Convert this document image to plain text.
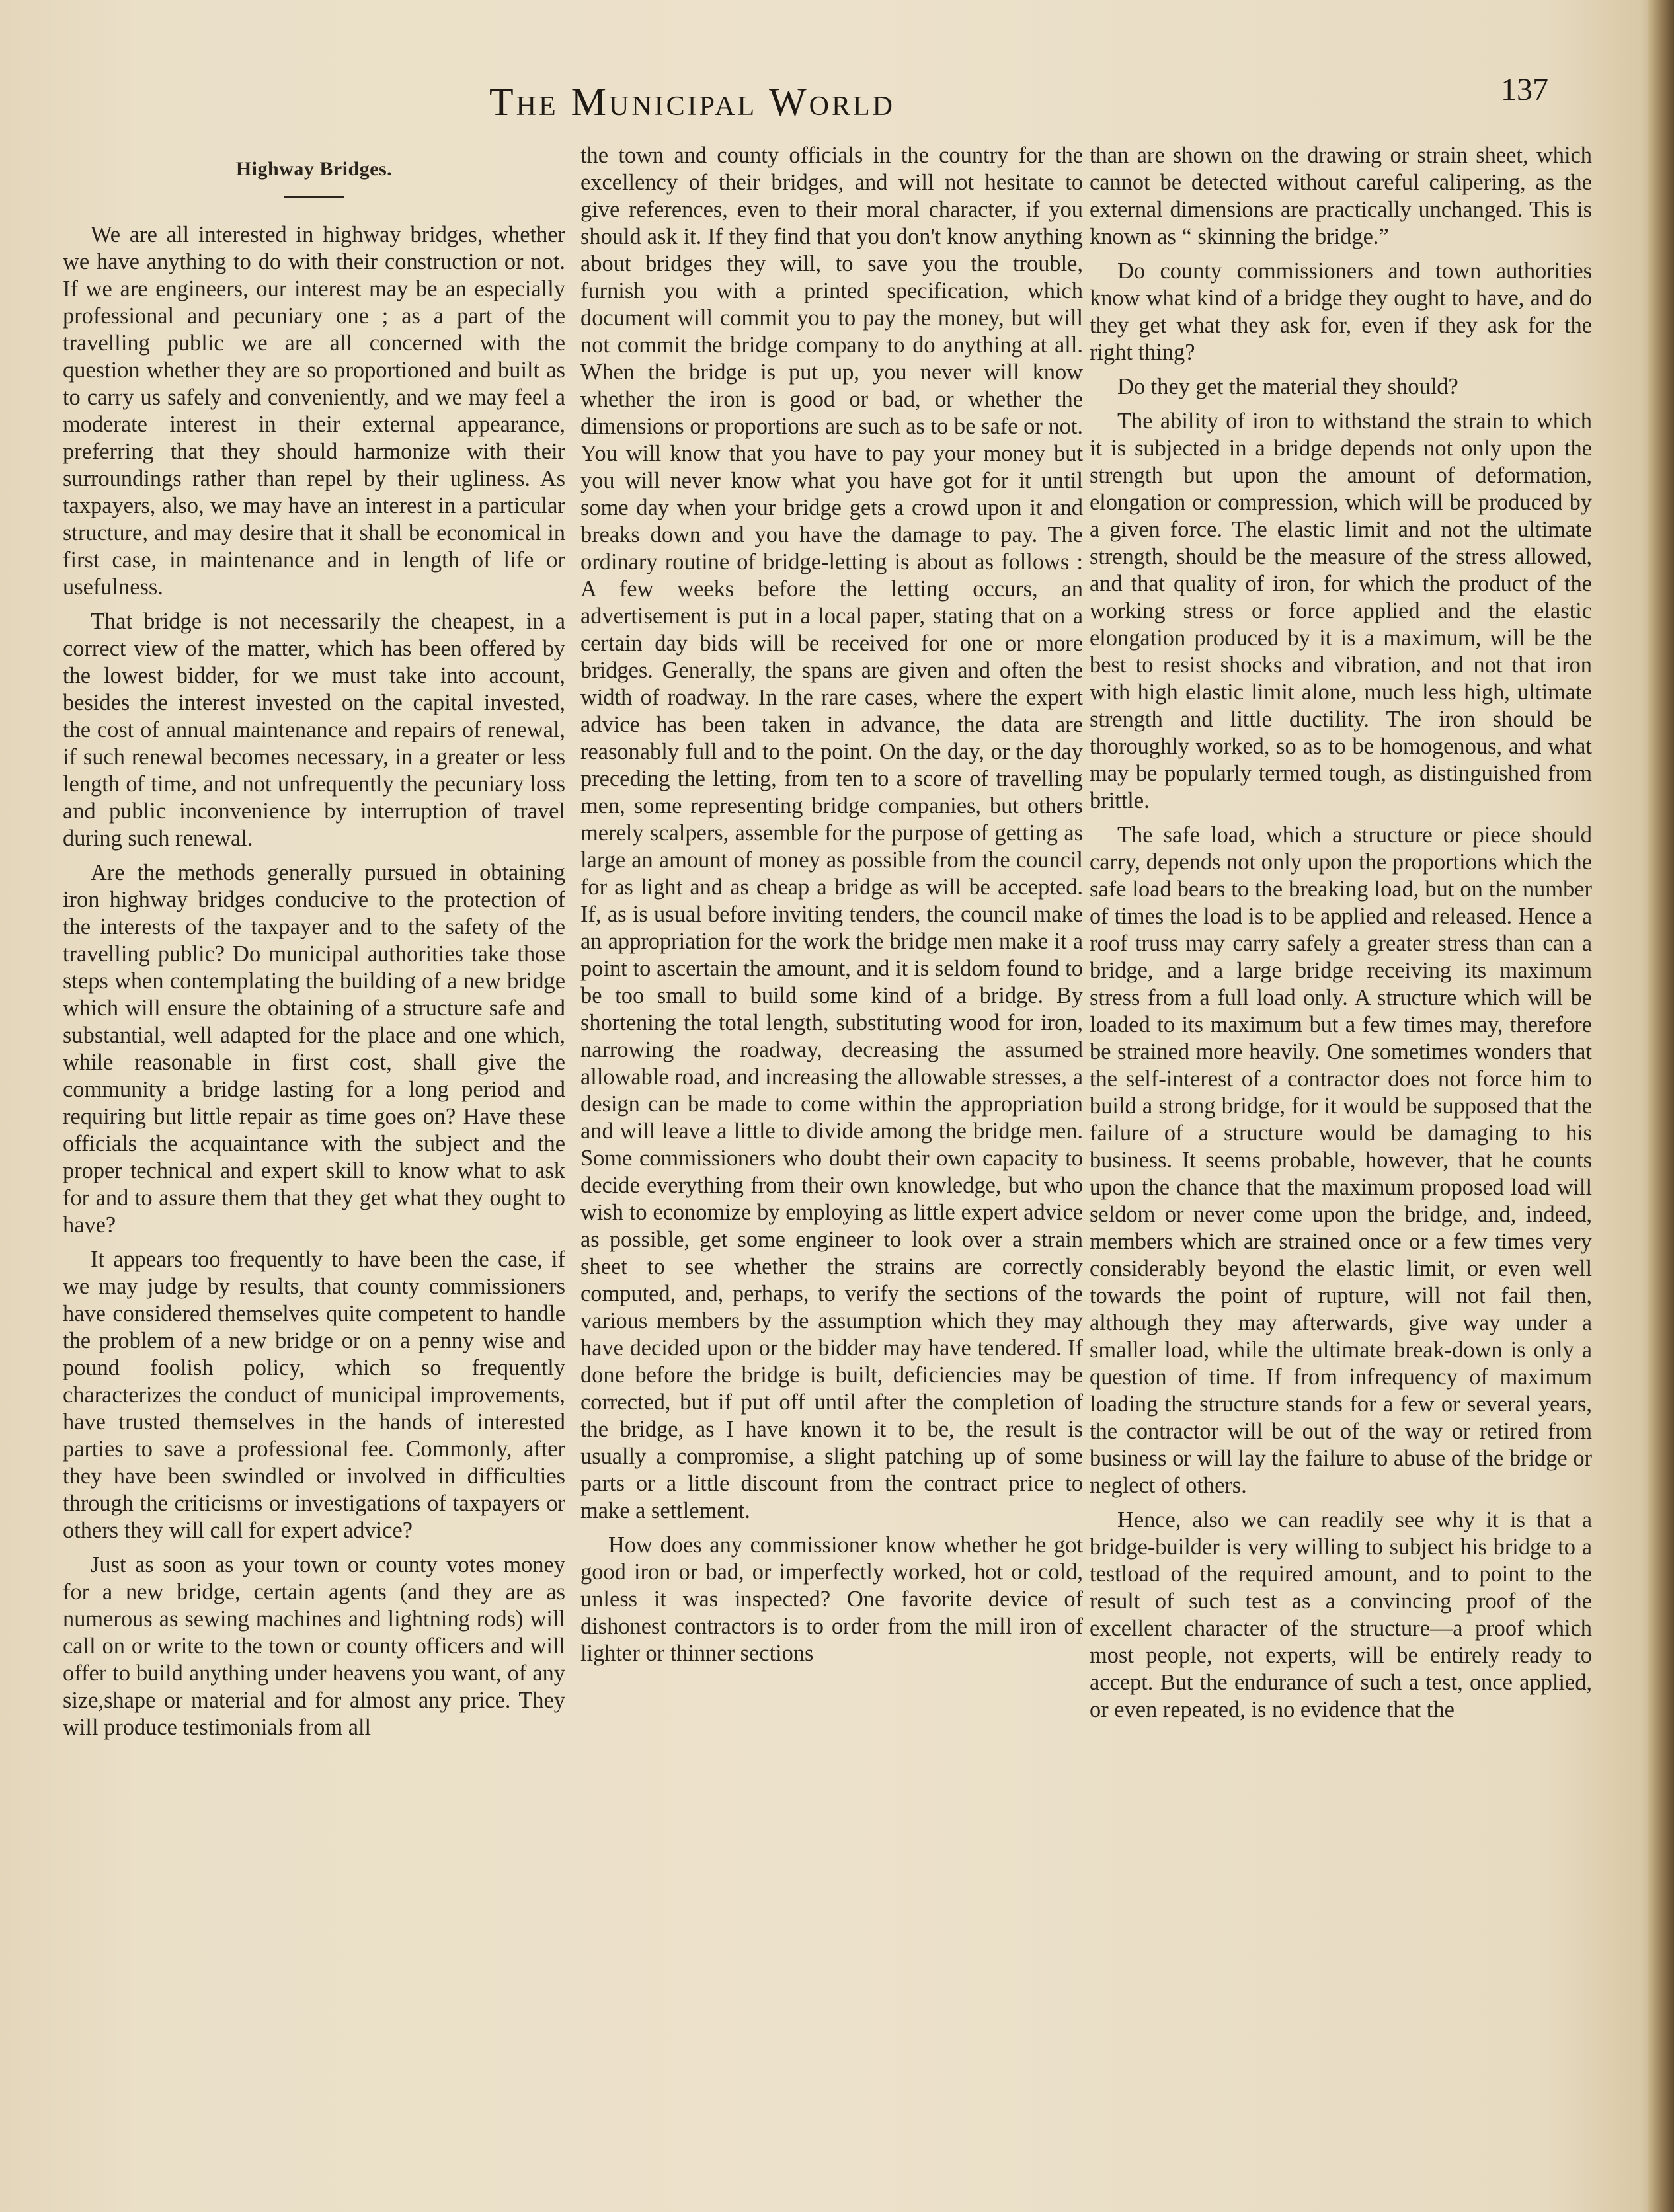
The Municipal World	137
Highway Bridges.

We are all interested in highway bridges, whether we have anything to do with their construction or not. If we are engineers, our interest may be an especially professional and pecuniary one ; as a part of the travelling public we are all concerned with the question whether they are so proportioned and built as to carry us safely and conveniently, and we may feel a moderate interest in their external appearance, preferring that they should harmonize with their surroundings rather than repel by their ugliness. As taxpayers, also, we may have an interest in a particular structure, and may desire that it shall be economical in first case, in maintenance and in length of life or usefulness.

That bridge is not necessarily the cheapest, in a correct view of the matter, which has been offered by the lowest bidder, for we must take into account, besides the interest invested on the capital invested, the cost of annual maintenance and repairs of renewal, if such renewal becomes necessary, in a greater or less length of time, and not unfrequently the pecuniary loss and public inconvenience by interruption of travel during such renewal.

Are the methods generally pursued in obtaining iron highway bridges conducive to the protection of the interests of the taxpayer and to the safety of the travelling public? Do municipal authorities take those steps when contemplating the building of a new bridge which will ensure the obtaining of a structure safe and substantial, well adapted for the place and one which, while reasonable in first cost, shall give the community a bridge lasting for a long period and requiring but little repair as time goes on? Have these officials the acquaintance with the subject and the proper technical and expert skill to know what to ask for and to assure them that they get what they ought to have?

It appears too frequently to have been the case, if we may judge by results, that county commissioners have considered themselves quite competent to handle the problem of a new bridge or on a penny wise and pound foolish policy, which so frequently characterizes the conduct of municipal improvements, have trusted themselves in the hands of interested parties to save a professional fee. Commonly, after they have been swindled or involved in difficulties through the criticisms or investigations of taxpayers or others they will call for expert advice?

Just as soon as your town or county votes money for a new bridge, certain agents (and they are as numerous as sewing machines and lightning rods) will call on or write to the town or county officers and will offer to build anything under heavens you want, of any size,shape or material and for almost any price. They will produce testimonials from all

the town and county officials in the country for the excellency of their bridges, and will not hesitate to give references, even to their moral character, if you should ask it. If they find that you don't know anything about bridges they will, to save you the trouble, furnish you with a printed specification, which document will commit you to pay the money, but will not commit the bridge company to do anything at all. When the bridge is put up, you never will know whether the iron is good or bad, or whether the dimensions or proportions are such as to be safe or not. You will know that you have to pay your money but you will never know what you have got for it until some day when your bridge gets a crowd upon it and breaks down and you have the damage to pay. The ordinary routine of bridge-letting is about as follows : A few weeks before the letting occurs, an advertisement is put in a local paper, stating that on a certain day bids will be received for one or more bridges. Generally, the spans are given and often the width of roadway. In the rare cases, where the expert advice has been taken in advance, the data are reasonably full and to the point. On the day, or the day preceding the letting, from ten to a score of travelling men, some representing bridge companies, but others merely scalpers, assemble for the purpose of getting as large an amount of money as possible from the council for as light and as cheap a bridge as will be accepted. If, as is usual before inviting tenders, the council make an appropriation for the work the bridge men make it a point to ascertain the amount, and it is seldom found to be too small to build some kind of a bridge. By shortening the total length, substituting wood for iron, narrowing the roadway, decreasing the assumed allowable road, and increasing the allowable stresses, a design can be made to come within the appropriation and will leave a little to divide among the bridge men. Some commissioners who doubt their own capacity to decide everything from their own knowledge, but who wish to economize by employing as little expert advice as possible, get some engineer to look over a strain sheet to see whether the strains are correctly computed, and, perhaps, to verify the sections of the various members by the assumption which they may have decided upon or the bidder may have tendered. If done before the bridge is built, deficiencies may be corrected, but if put off until after the completion of the bridge, as I have known it to be, the result is usually a compromise, a slight patching up of some parts or a little discount from the contract price to make a settlement.

How does any commissioner know whether he got good iron or bad, or imperfectly worked, hot or cold, unless it was inspected? One favorite device of dishonest contractors is to order from the mill iron of lighter or thinner sections

than are shown on the drawing or strain sheet, which cannot be detected without careful calipering, as the external dimensions are practically unchanged. This is known as “ skinning the bridge.”

Do county commissioners and town authorities know what kind of a bridge they ought to have, and do they get what they ask for, even if they ask for the right thing?

Do they get the material they should?

The ability of iron to withstand the strain to which it is subjected in a bridge depends not only upon the strength but upon the amount of deformation, elongation or compression, which will be produced by a given force. The elastic limit and not the ultimate strength, should be the measure of the stress allowed, and that quality of iron, for which the product of the working stress or force applied and the elastic elongation produced by it is a maximum, will be the best to resist shocks and vibration, and not that iron with high elastic limit alone, much less high, ultimate strength and little ductility. The iron should be thoroughly worked, so as to be homogenous, and what may be popularly termed tough, as distinguished from brittle.

The safe load, which a structure or piece should carry, depends not only upon the proportions which the safe load bears to the breaking load, but on the number of times the load is to be applied and released. Hence a roof truss may carry safely a greater stress than can a bridge, and a large bridge receiving its maximum stress from a full load only. A structure which will be loaded to its maximum but a few times may, therefore be strained more heavily. One sometimes wonders that the self-interest of a contractor does not force him to build a strong bridge, for it would be supposed that the failure of a structure would be damaging to his business. It seems probable, however, that he counts upon the chance that the maximum proposed load will seldom or never come upon the bridge, and, indeed, members which are strained once or a few times very considerably beyond the elastic limit, or even well towards the point of rupture, will not fail then, although they may afterwards, give way under a smaller load, while the ultimate break-down is only a question of time. If from infrequency of maximum loading the structure stands for a few or several years, the contractor will be out of the way or retired from business or will lay the failure to abuse of the bridge or neglect of others.

Hence, also we can readily see why it is that a bridge-builder is very willing to subject his bridge to a testload of the required amount, and to point to the result of such test as a convincing proof of the excellent character of the structure—a proof which most people, not experts, will be entirely ready to accept. But the endurance of such a test, once applied, or even repeated, is no evidence that the
